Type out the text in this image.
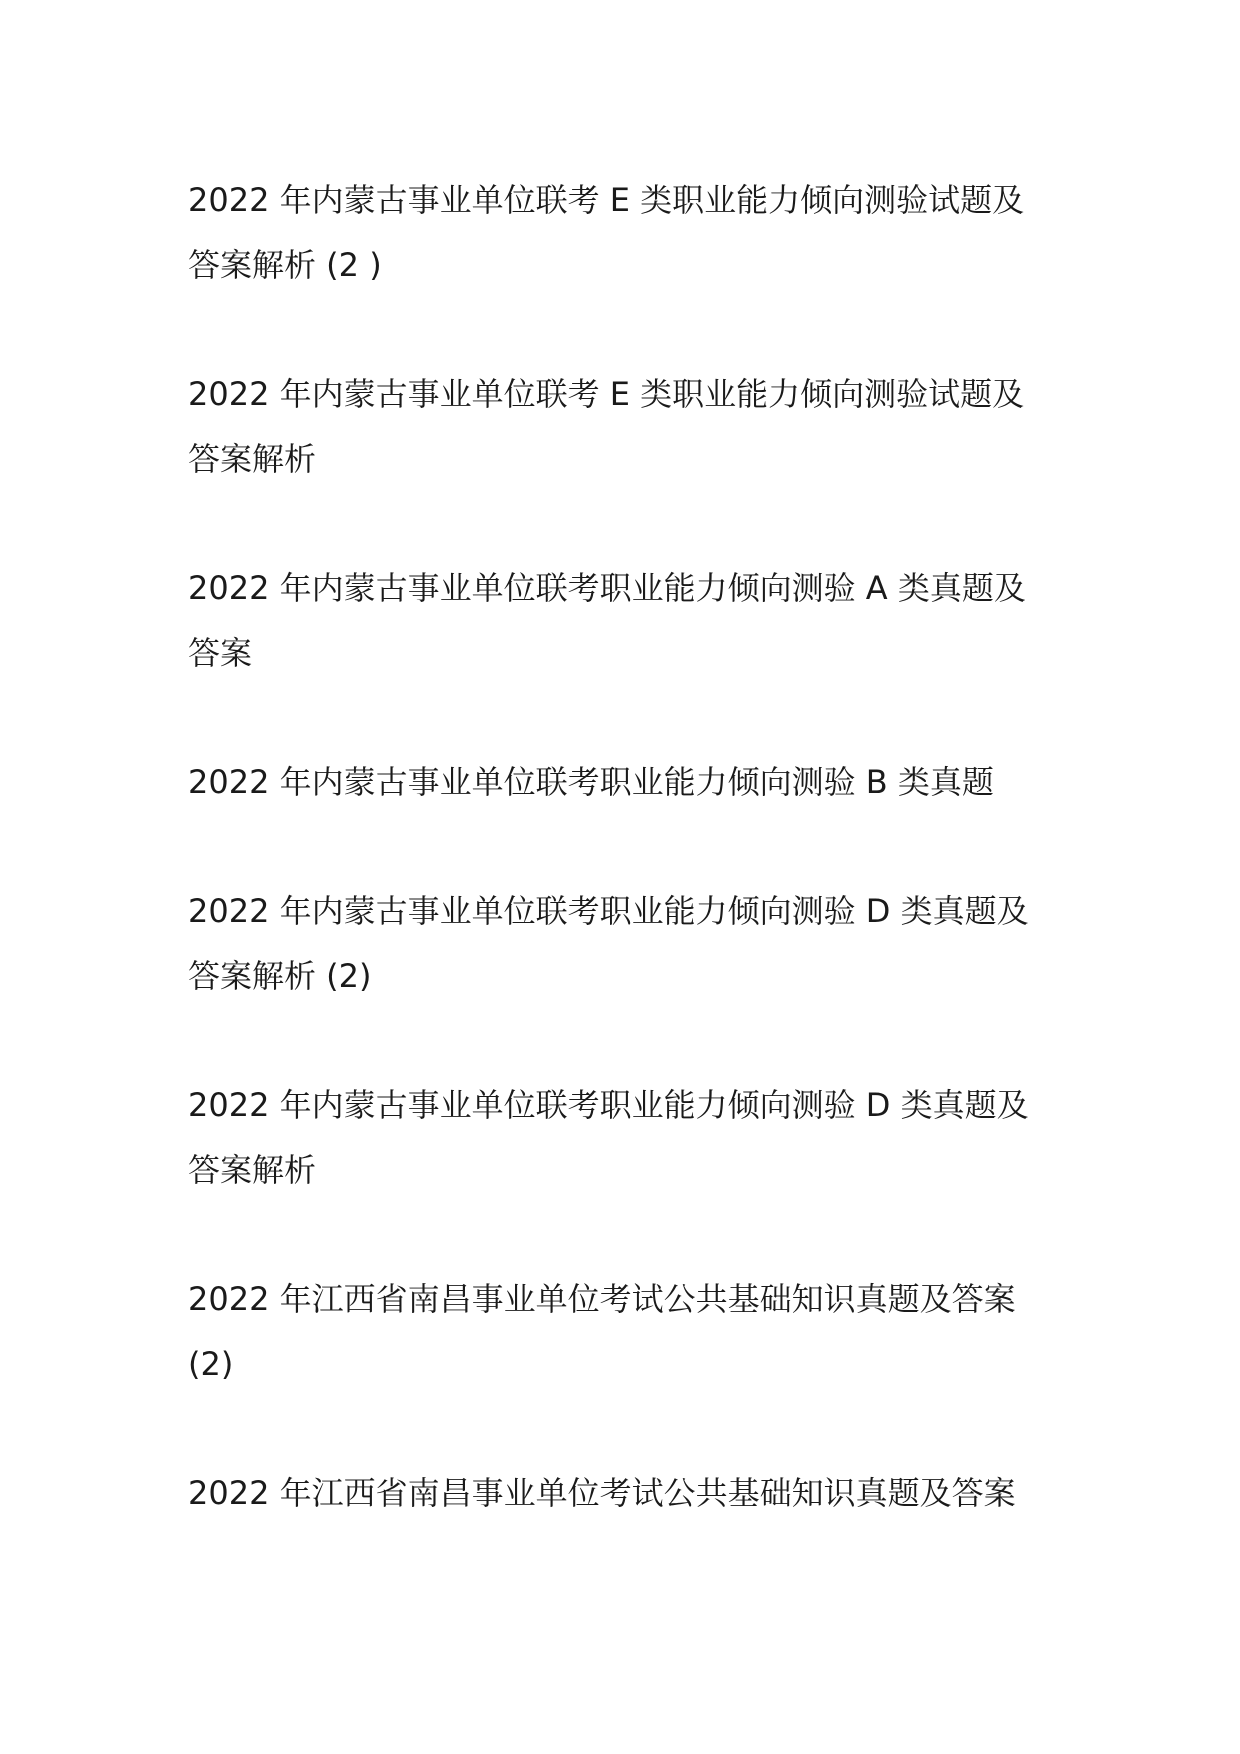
2022 年内蒙古事业单位联考 E 类职业能力倾向测验试题及
答案解析 (2 )
2022 年内蒙古事业单位联考 E 类职业能力倾向测验试题及
答案解析
2022 年内蒙古事业单位联考职业能力倾向测验 A 类真题及
答案
2022 年内蒙古事业单位联考职业能力倾向测验 B 类真题
2022 年内蒙古事业单位联考职业能力倾向测验 D 类真题及
答案解析 (2)
2022 年内蒙古事业单位联考职业能力倾向测验 D 类真题及
答案解析
2022 年江西省南昌事业单位考试公共基础知识真题及答案
(2)
2022 年江西省南昌事业单位考试公共基础知识真题及答案
